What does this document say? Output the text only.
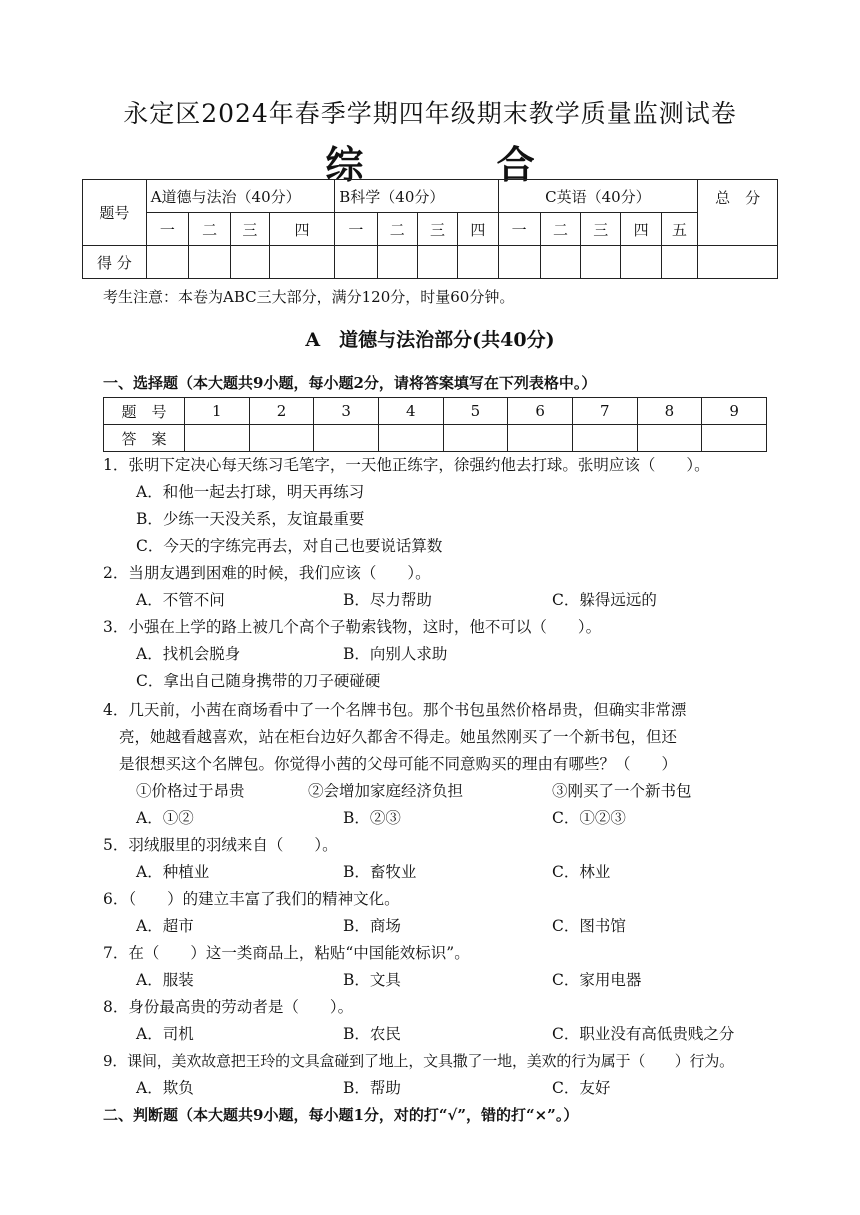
永定区2024年春季学期四年级期末教学质量监测试卷
综 合
题号	A道德与法治（40分）				B科学（40分）				C英语（40分）					总　分
	一	二	三	四	一	二	三	四	一	二	三	四	五	
得 分														
考生注意：本卷为ABC三大部分，满分120分，时量60分钟。
A　道德与法治部分(共40分)
一、选择题（本大题共9小题，每小题2分，请将答案填写在下列表格中。）
题　号	1	2	3	4	5	6	7	8	9
答　案									
1．张明下定决心每天练习毛笔字，一天他正练字，徐强约他去打球。张明应该（　　）。
A．和他一起去打球，明天再练习
B．少练一天没关系，友谊最重要
C．今天的字练完再去，对自己也要说话算数
2．当朋友遇到困难的时候，我们应该（　　）。
A．不管不问	B．尽力帮助	C．躲得远远的
3．小强在上学的路上被几个高个子勒索钱物，这时，他不可以（　　）。
A．找机会脱身	B．向别人求助
C．拿出自己随身携带的刀子硬碰硬
4．几天前，小茜在商场看中了一个名牌书包。那个书包虽然价格昂贵，但确实非常漂
亮，她越看越喜欢，站在柜台边好久都舍不得走。她虽然刚买了一个新书包，但还
是很想买这个名牌包。你觉得小茜的父母可能不同意购买的理由有哪些？（　　）
①价格过于昂贵	②会增加家庭经济负担	③刚买了一个新书包
A．①②	B．②③	C．①②③
5．羽绒服里的羽绒来自（　　）。
A．种植业	B．畜牧业	C．林业
6．（　　）的建立丰富了我们的精神文化。
A．超市	B．商场	C．图书馆
7．在（　　）这一类商品上，粘贴“中国能效标识”。
A．服装	B．文具	C．家用电器
8．身份最高贵的劳动者是（　　）。
A．司机	B．农民	C．职业没有高低贵贱之分
9．课间，美欢故意把王玲的文具盒碰到了地上，文具撒了一地，美欢的行为属于（　　）行为。
A．欺负	B．帮助	C．友好
二、判断题（本大题共9小题，每小题1分，对的打“√”，错的打“×”。）
